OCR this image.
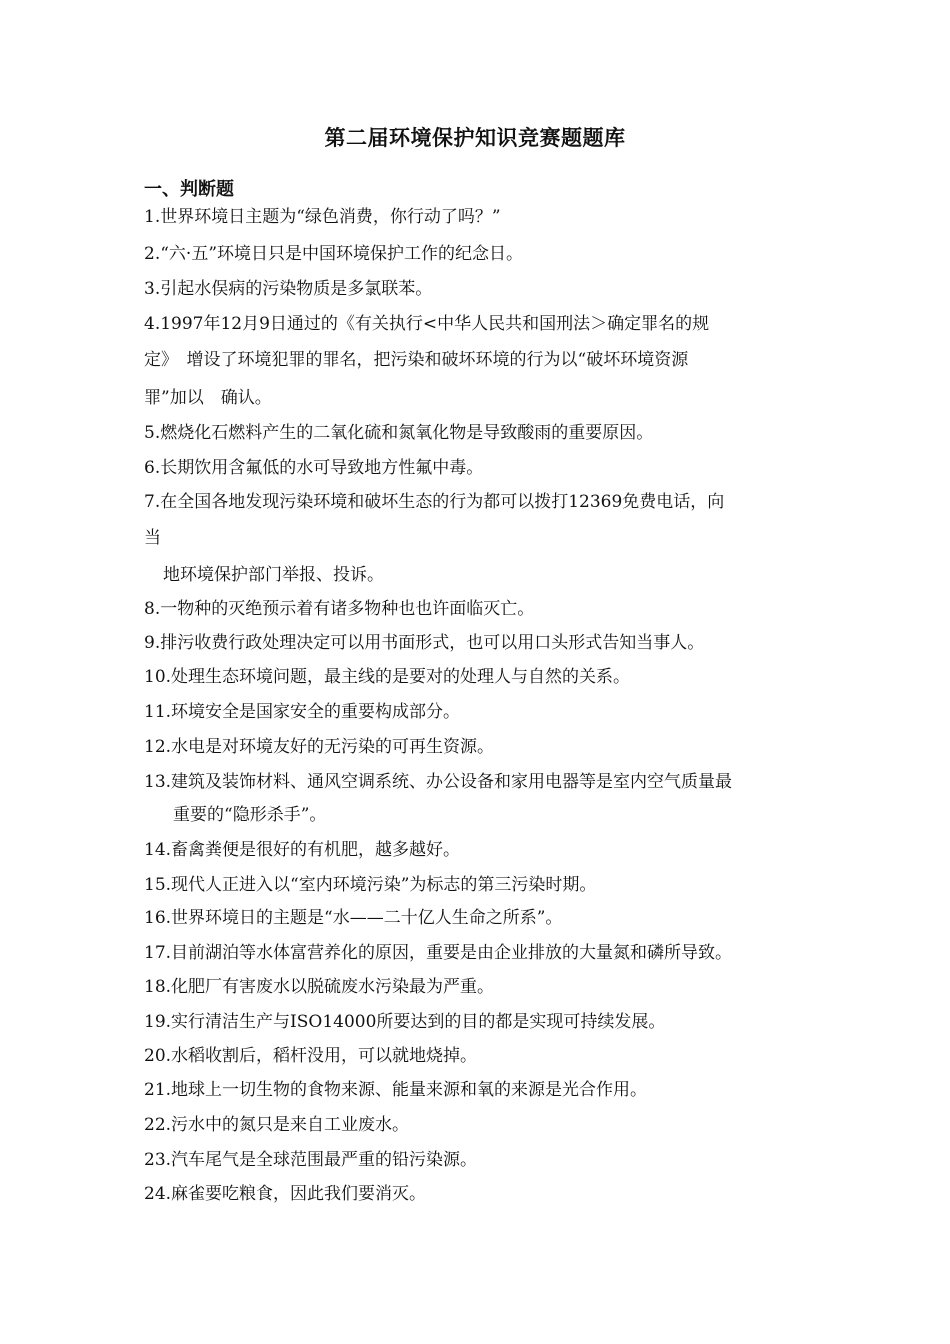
第二届环境保护知识竞赛题题库
一、判断题
1.世界环境日主题为“绿色消费，你行动了吗？”
2.“六·五”环境日只是中国环境保护工作的纪念日。
3.引起水俣病的污染物质是多氯联苯。
4.1997年12月9日通过的《有关执行<中华人民共和国刑法＞确定罪名的规
定》　增设了环境犯罪的罪名，把污染和破坏环境的行为以“破坏环境资源
罪”加以　确认。
5.燃烧化石燃料产生的二氧化硫和氮氧化物是导致酸雨的重要原因。
6.长期饮用含氟低的水可导致地方性氟中毒。
7.在全国各地发现污染环境和破坏生态的行为都可以拨打12369免费电话，向
当
地环境保护部门举报、投诉。
8.一物种的灭绝预示着有诸多物种也也许面临灭亡。
9.排污收费行政处理决定可以用书面形式，也可以用口头形式告知当事人。
10.处理生态环境问题，最主线的是要对的处理人与自然的关系。
11.环境安全是国家安全的重要构成部分。
12.水电是对环境友好的无污染的可再生资源。
13.建筑及装饰材料、通风空调系统、办公设备和家用电器等是室内空气质量最
重要的“隐形杀手”。
14.畜禽粪便是很好的有机肥，越多越好。
15.现代人正进入以“室内环境污染”为标志的第三污染时期。
16.世界环境日的主题是“水——二十亿人生命之所系”。
17.目前湖泊等水体富营养化的原因，重要是由企业排放的大量氮和磷所导致。
18.化肥厂有害废水以脱硫废水污染最为严重。
19.实行清洁生产与ISO14000所要达到的目的都是实现可持续发展。
20.水稻收割后，稻杆没用，可以就地烧掉。
21.地球上一切生物的食物来源、能量来源和氧的来源是光合作用。
22.污水中的氮只是来自工业废水。
23.汽车尾气是全球范围最严重的铅污染源。
24.麻雀要吃粮食，因此我们要消灭。
